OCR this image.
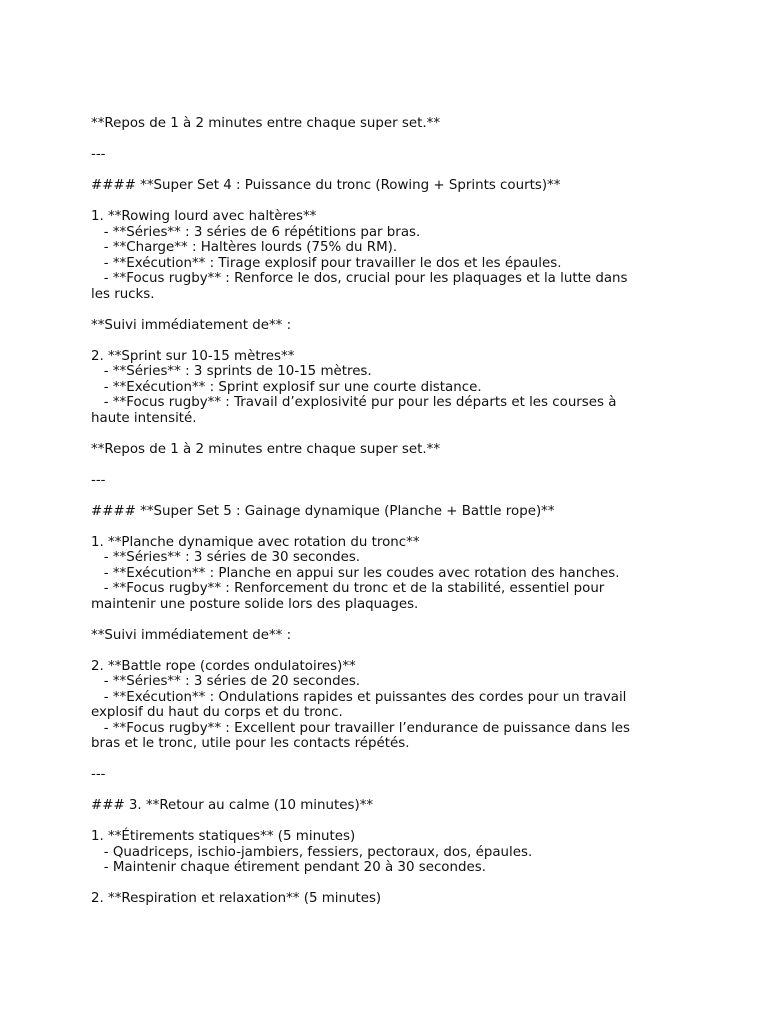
**Repos de 1 à 2 minutes entre chaque super set.**
---
#### **Super Set 4 : Puissance du tronc (Rowing + Sprints courts)**
1. **Rowing lourd avec haltères**
- **Séries** : 3 séries de 6 répétitions par bras.
- **Charge** : Haltères lourds (75% du RM).
- **Exécution** : Tirage explosif pour travailler le dos et les épaules.
- **Focus rugby** : Renforce le dos, crucial pour les plaquages et la lutte dans
les rucks.
**Suivi immédiatement de** :
2. **Sprint sur 10-15 mètres**
- **Séries** : 3 sprints de 10-15 mètres.
- **Exécution** : Sprint explosif sur une courte distance.
- **Focus rugby** : Travail d’explosivité pur pour les départs et les courses à
haute intensité.
**Repos de 1 à 2 minutes entre chaque super set.**
---
#### **Super Set 5 : Gainage dynamique (Planche + Battle rope)**
1. **Planche dynamique avec rotation du tronc**
- **Séries** : 3 séries de 30 secondes.
- **Exécution** : Planche en appui sur les coudes avec rotation des hanches.
- **Focus rugby** : Renforcement du tronc et de la stabilité, essentiel pour
maintenir une posture solide lors des plaquages.
**Suivi immédiatement de** :
2. **Battle rope (cordes ondulatoires)**
- **Séries** : 3 séries de 20 secondes.
- **Exécution** : Ondulations rapides et puissantes des cordes pour un travail
explosif du haut du corps et du tronc.
- **Focus rugby** : Excellent pour travailler l’endurance de puissance dans les
bras et le tronc, utile pour les contacts répétés.
---
### 3. **Retour au calme (10 minutes)**
1. **Étirements statiques** (5 minutes)
- Quadriceps, ischio-jambiers, fessiers, pectoraux, dos, épaules.
- Maintenir chaque étirement pendant 20 à 30 secondes.
2. **Respiration et relaxation** (5 minutes)
